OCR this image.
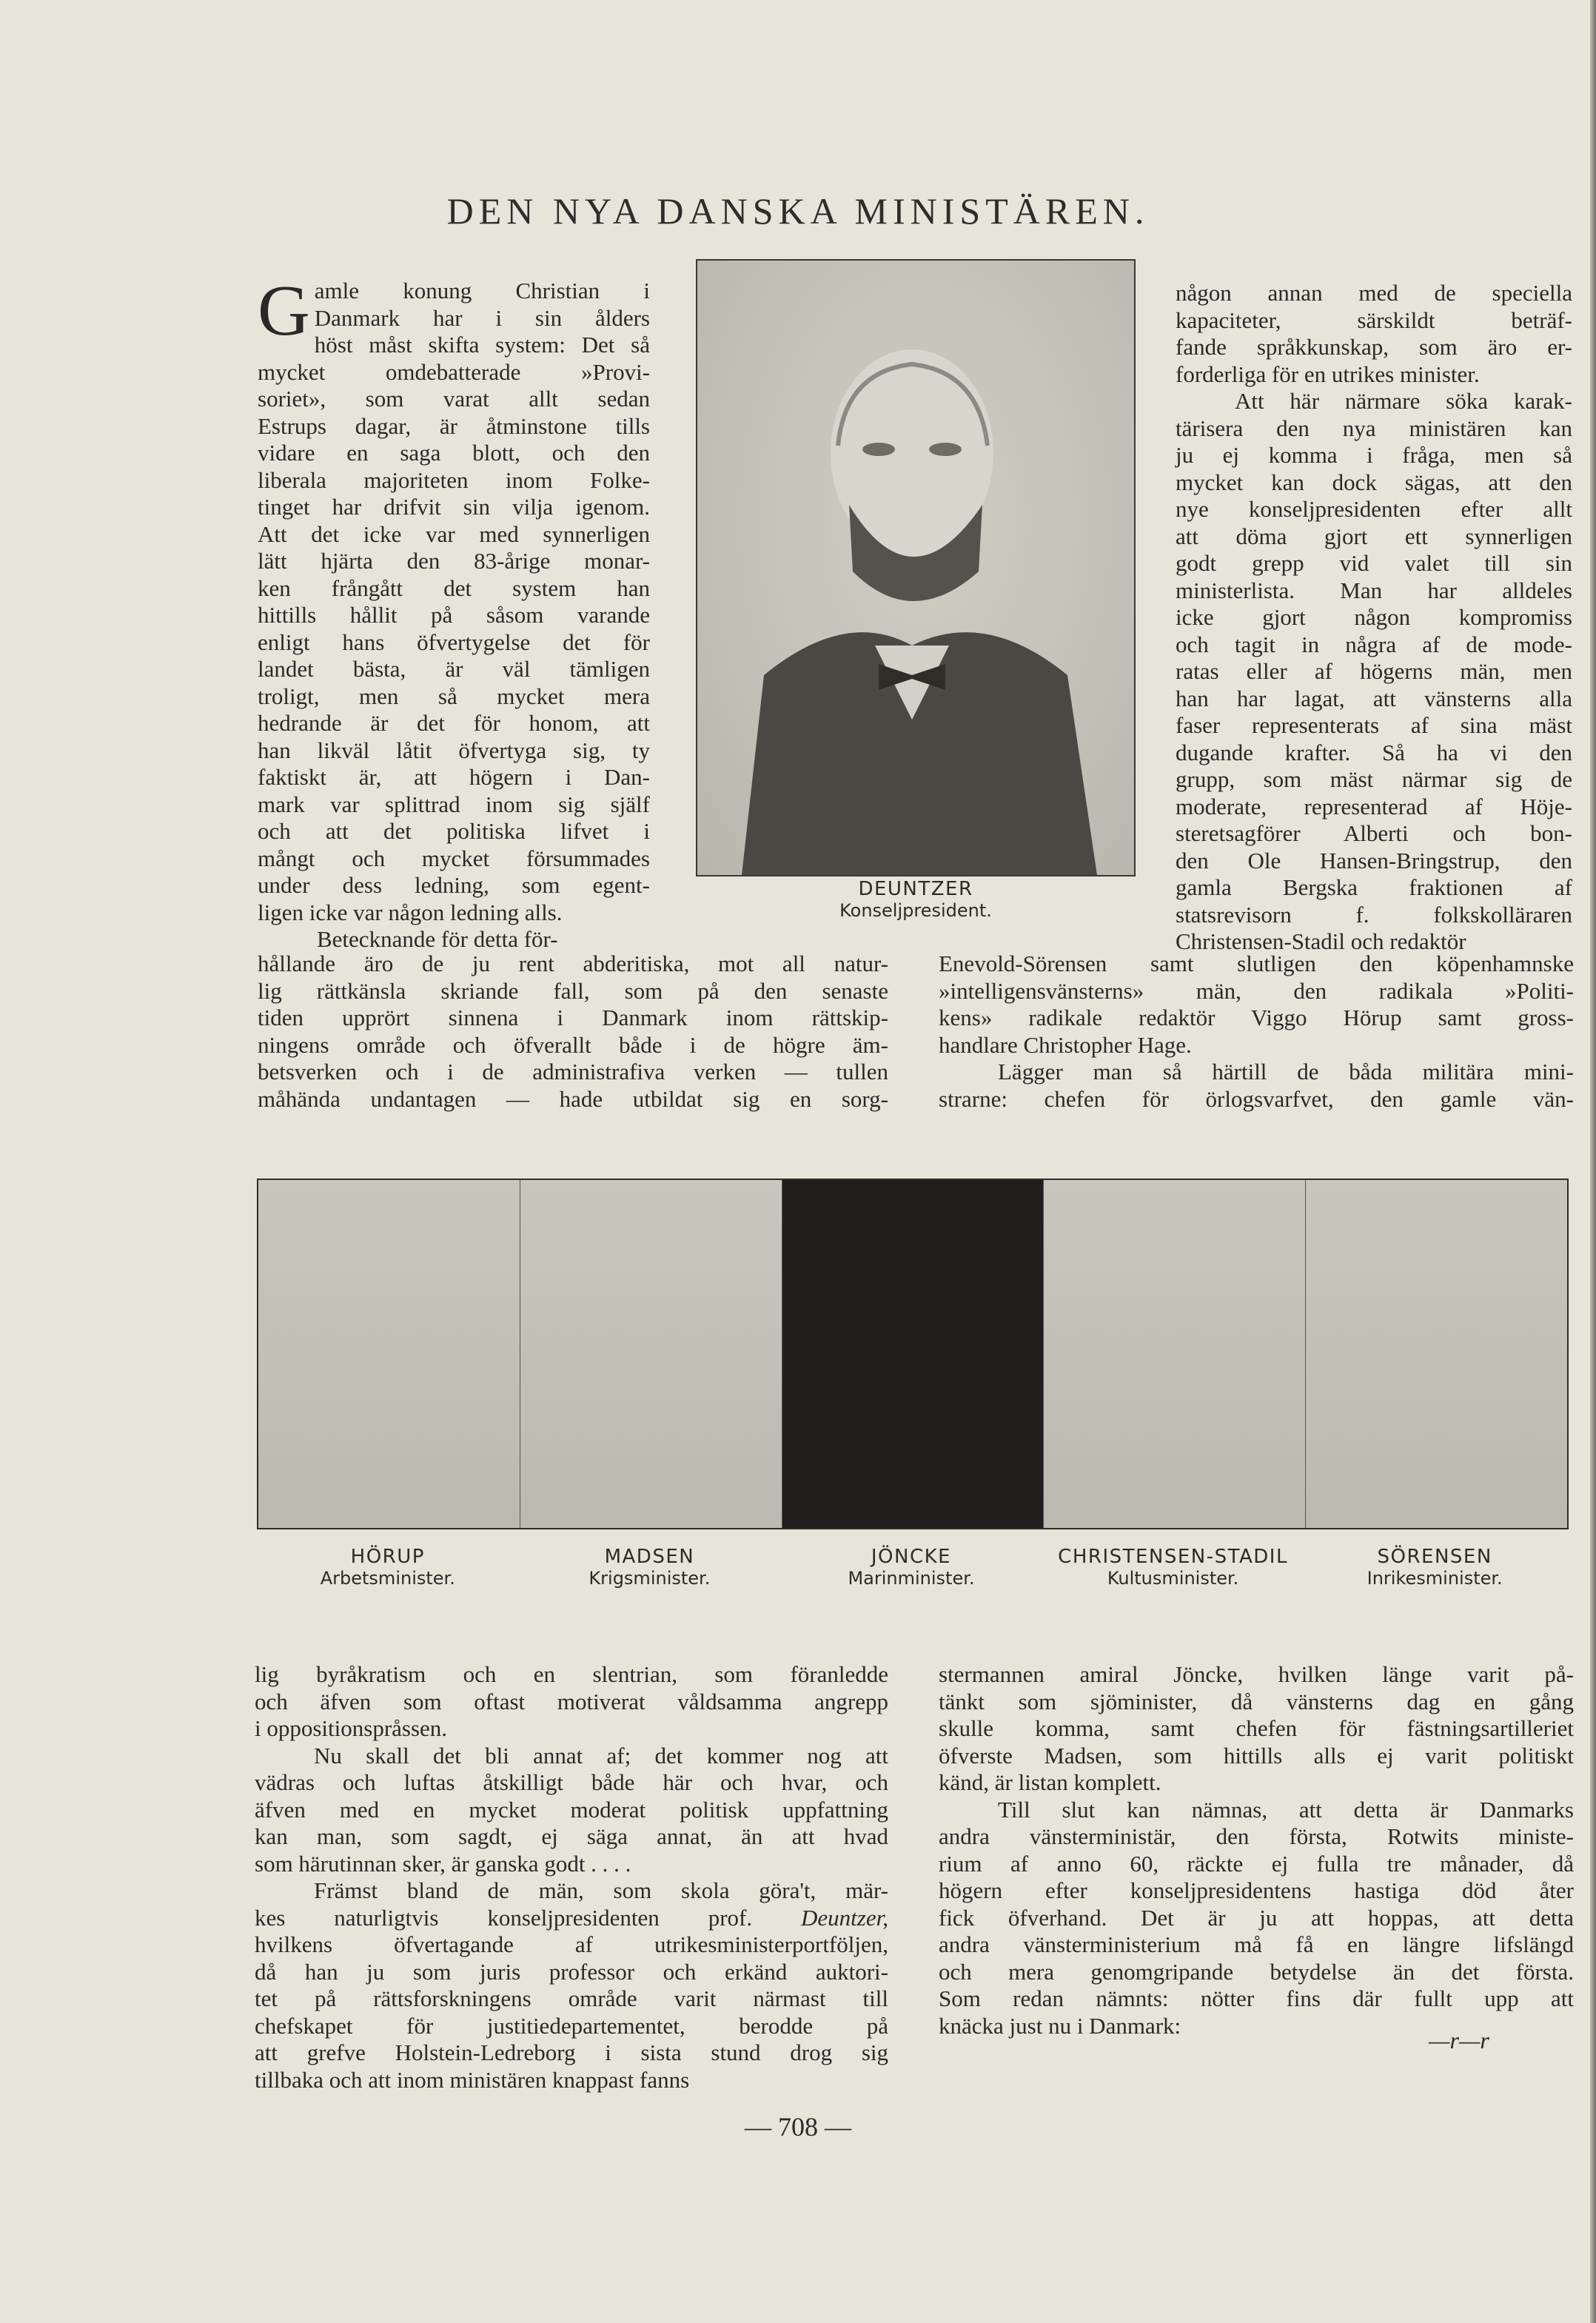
DEN NYA DANSKA MINISTÄREN.
G amle konung Christian i
Danmark har i sin ålders
höst måst skifta system: Det så
mycket omdebatterade »Provi-
soriet», som varat allt sedan
Estrups dagar, är åtminstone tills
vidare en saga blott, och den
liberala majoriteten inom Folke-
tinget har drifvit sin vilja igenom.
Att det icke var med synnerligen
lätt hjärta den 83-årige monar-
ken frångått det system han
hittills hållit på såsom varande
enligt hans öfvertygelse det för
landet bästa, är väl tämligen
troligt, men så mycket mera
hedrande är det för honom, att
han likväl låtit öfvertyga sig, ty
faktiskt är, att högern i Dan-
mark var splittrad inom sig själf
och att det politiska lifvet i
mångt och mycket försummades
under dess ledning, som egent-
ligen icke var någon ledning alls.
Betecknande för detta för-
hållande äro de ju rent abderitiska, mot all natur-
lig rättkänsla skriande fall, som på den senaste
tiden upprört sinnena i Danmark inom rättskip-
ningens område och öfverallt både i de högre äm-
betsverken och i de administrafiva verken — tullen
måhända undantagen — hade utbildat sig en sorg-
DEUNTZER
Konseljpresident.
någon annan med de speciella
kapaciteter, särskildt beträf-
fande språkkunskap, som äro er-
forderliga för en utrikes minister.
Att här närmare söka karak-
tärisera den nya ministären kan
ju ej komma i fråga, men så
mycket kan dock sägas, att den
nye konseljpresidenten efter allt
att döma gjort ett synnerligen
godt grepp vid valet till sin
ministerlista. Man har alldeles
icke gjort någon kompromiss
och tagit in några af de mode-
ratas eller af högerns män, men
han har lagat, att vänsterns alla
faser representerats af sina mäst
dugande krafter. Så ha vi den
grupp, som mäst närmar sig de
moderate, representerad af Höje-
steretsagförer Alberti och bon-
den Ole Hansen-Bringstrup, den
gamla Bergska fraktionen af
statsrevisorn f. folkskolläraren
Christensen-Stadil och redaktör
Enevold-Sörensen samt slutligen den köpenhamnske
»intelligensvänsterns» män, den radikala »Politi-
kens» radikale redaktör Viggo Hörup samt gross-
handlare Christopher Hage.
Lägger man så härtill de båda militära mini-
strarne: chefen för örlogsvarfvet, den gamle vän-
HÖRUP
Arbetsminister.
MADSEN
Krigsminister.
JÖNCKE
Marinminister.
CHRISTENSEN-STADIL
Kultusminister.
SÖRENSEN
Inrikesminister.
lig byråkratism och en slentrian, som föranledde
och äfven som oftast motiverat våldsamma angrepp
i oppositionspråssen.
Nu skall det bli annat af; det kommer nog att
vädras och luftas åtskilligt både här och hvar, och
äfven med en mycket moderat politisk uppfattning
kan man, som sagdt, ej säga annat, än att hvad
som härutinnan sker, är ganska godt . . . .
Främst bland de män, som skola göra't, mär-
kes naturligtvis konseljpresidenten prof. Deuntzer,
hvilkens öfvertagande af utrikesministerportföljen,
då han ju som juris professor och erkänd auktori-
tet på rättsforskningens område varit närmast till
chefskapet för justitiedepartementet, berodde på
att grefve Holstein-Ledreborg i sista stund drog sig
tillbaka och att inom ministären knappast fanns
stermannen amiral Jöncke, hvilken länge varit på-
tänkt som sjöminister, då vänsterns dag en gång
skulle komma, samt chefen för fästningsartilleriet
öfverste Madsen, som hittills alls ej varit politiskt
känd, är listan komplett.
Till slut kan nämnas, att detta är Danmarks
andra vänsterministär, den första, Rotwits ministe-
rium af anno 60, räckte ej fulla tre månader, då
högern efter konseljpresidentens hastiga död åter
fick öfverhand. Det är ju att hoppas, att detta
andra vänsterministerium må få en längre lifslängd
och mera genomgripande betydelse än det första.
Som redan nämnts: nötter fins där fullt upp att
knäcka just nu i Danmark:
—r—r
— 708 —
